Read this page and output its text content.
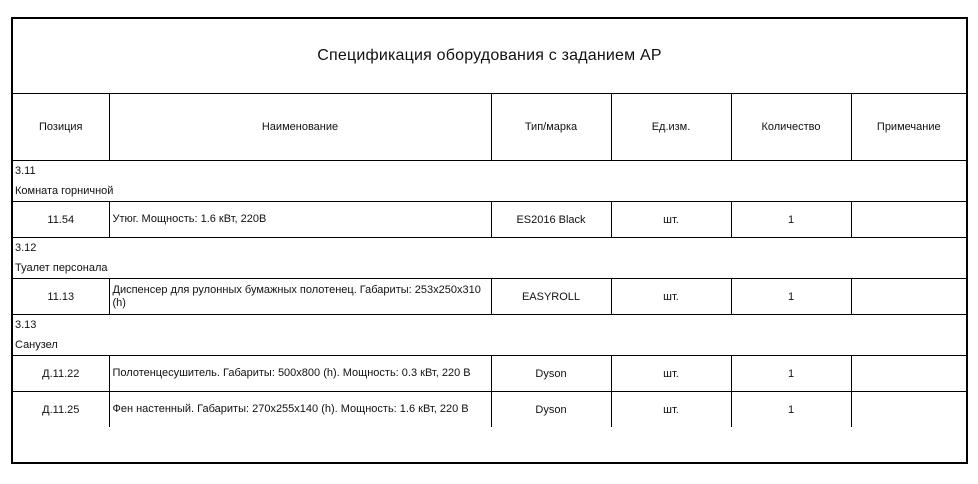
Спецификация оборудования с заданием АР
Позиция	Наименование	Тип/марка	Ед.изм.	Количество	Примечание
3.11					
Комната горничной					
11.54	Утюг. Мощность: 1.6 кВт, 220В	ES2016 Black	шт.	1	
3.12					
Туалет персонала					
11.13	Диспенсер для рулонных бумажных полотенец. Габариты: 253х250х310 (h)	EASYROLL	шт.	1	
3.13					
Санузел					
Д.11.22	Полотенцесушитель. Габариты: 500х800 (h). Мощность: 0.3 кВт, 220 В	Dyson	шт.	1	
Д.11.25	Фен настенный. Габариты: 270х255х140 (h). Мощность: 1.6 кВт, 220 В	Dyson	шт.	1	
